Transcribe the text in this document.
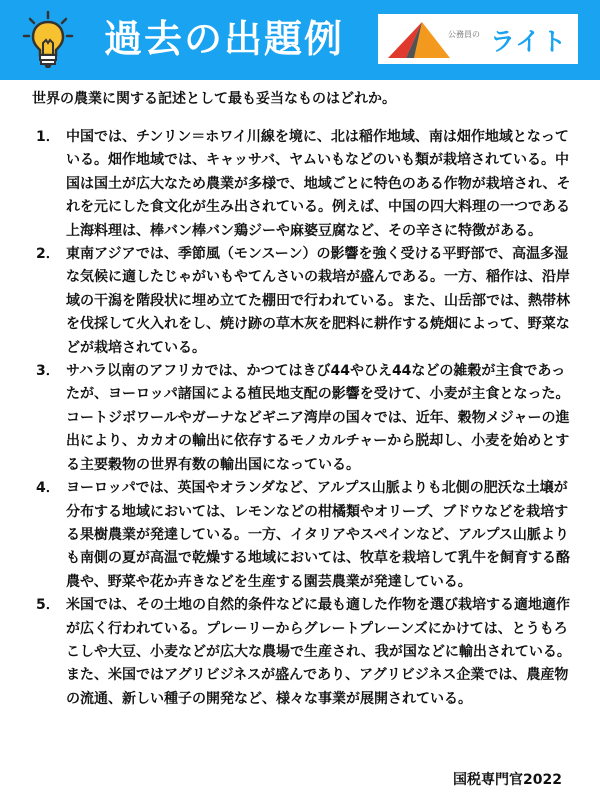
過去の出題例	公務員の ライト
世界の農業に関する記述として最も妥当なものはどれか。
1． 中国では、チンリン＝ホワイ川線を境に、北は稲作地域、南は畑作地域となっている。畑作地域では、キャッサバ、ヤムいもなどのいも類が栽培されている。中国は国土が広大なため農業が多様で、地域ごとに特色のある作物が栽培され、それを元にした食文化が生み出されている。例えば、中国の四大料理の一つである上海料理は、棒バン棒バン鶏ジーや麻婆豆腐など、その辛さに特徴がある。
2． 東南アジアでは、季節風（モンスーン）の影響を強く受ける平野部で、高温多湿な気候に適したじゃがいもやてんさいの栽培が盛んである。一方、稲作は、沿岸域の干潟を階段状に埋め立てた棚田で行われている。また、山岳部では、熱帯林を伐採して火入れをし、焼け跡の草木灰を肥料に耕作する焼畑によって、野菜などが栽培されている。
3． サハラ以南のアフリカでは、かつてはきび44やひえ44などの雑穀が主食であったが、ヨーロッパ諸国による植民地支配の影響を受けて、小麦が主食となった。コートジボワールやガーナなどギニア湾岸の国々では、近年、穀物メジャーの進出により、カカオの輸出に依存するモノカルチャーから脱却し、小麦を始めとする主要穀物の世界有数の輸出国になっている。
4． ヨーロッパでは、英国やオランダなど、アルプス山脈よりも北側の肥沃な土壌が分布する地域においては、レモンなどの柑橘類やオリーブ、ブドウなどを栽培する果樹農業が発達している。一方、イタリアやスペインなど、アルプス山脈よりも南側の夏が高温で乾燥する地域においては、牧草を栽培して乳牛を飼育する酪農や、野菜や花か卉きなどを生産する園芸農業が発達している。
5． 米国では、その土地の自然的条件などに最も適した作物を選び栽培する適地適作が広く行われている。プレーリーからグレートプレーンズにかけては、とうもろこしや大豆、小麦などが広大な農場で生産され、我が国などに輸出されている。また、米国ではアグリビジネスが盛んであり、アグリビジネス企業では、農産物の流通、新しい種子の開発など、様々な事業が展開されている。
国税専門官2022
